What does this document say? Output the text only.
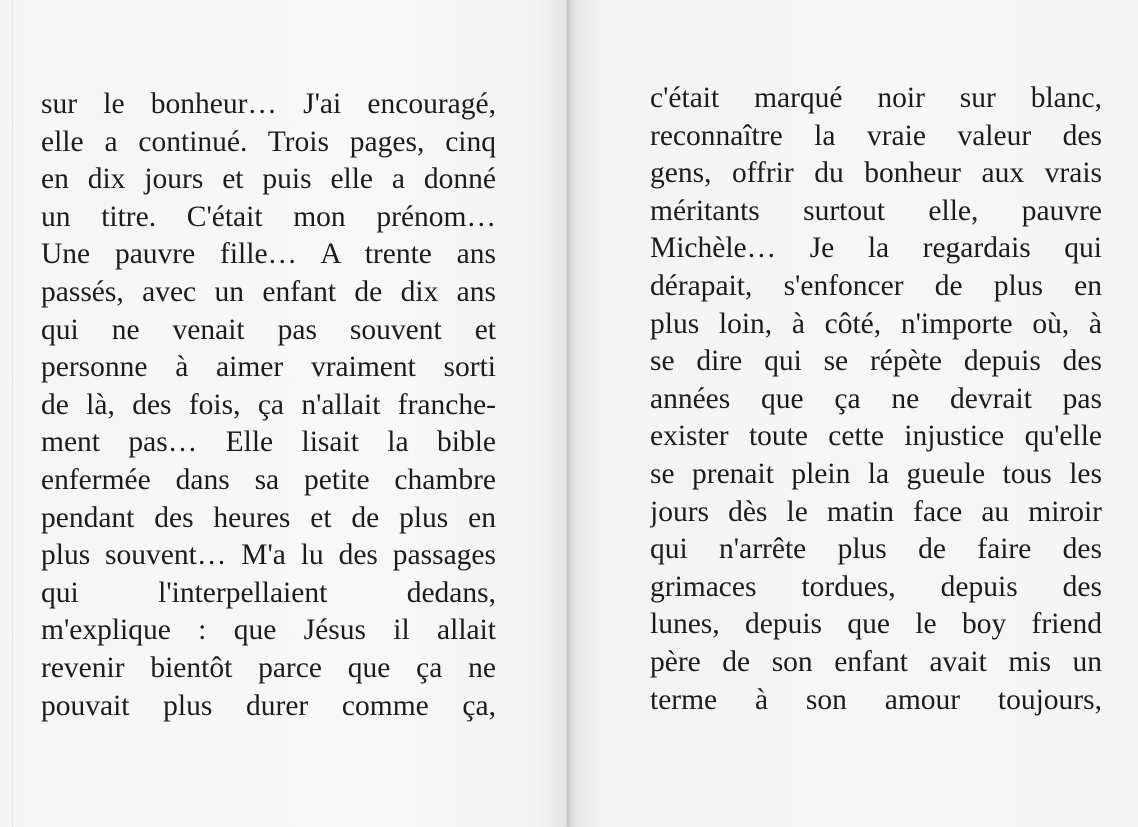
sur le bonheur… J'ai encouragé,
elle a continué. Trois pages, cinq
en dix jours et puis elle a donné
un titre. C'était mon prénom…
Une pauvre fille… A trente ans
passés, avec un enfant de dix ans
qui ne venait pas souvent et
personne à aimer vraiment sorti
de là, des fois, ça n'allait franche-
ment pas… Elle lisait la bible
enfermée dans sa petite chambre
pendant des heures et de plus en
plus souvent… M'a lu des passages
qui l'interpellaient dedans,
m'explique : que Jésus il allait
revenir bientôt parce que ça ne
pouvait plus durer comme ça,
c'était marqué noir sur blanc,
reconnaître la vraie valeur des
gens, offrir du bonheur aux vrais
méritants surtout elle, pauvre
Michèle… Je la regardais qui
dérapait, s'enfoncer de plus en
plus loin, à côté, n'importe où, à
se dire qui se répète depuis des
années que ça ne devrait pas
exister toute cette injustice qu'elle
se prenait plein la gueule tous les
jours dès le matin face au miroir
qui n'arrête plus de faire des
grimaces tordues, depuis des
lunes, depuis que le boy friend
père de son enfant avait mis un
terme à son amour toujours,
